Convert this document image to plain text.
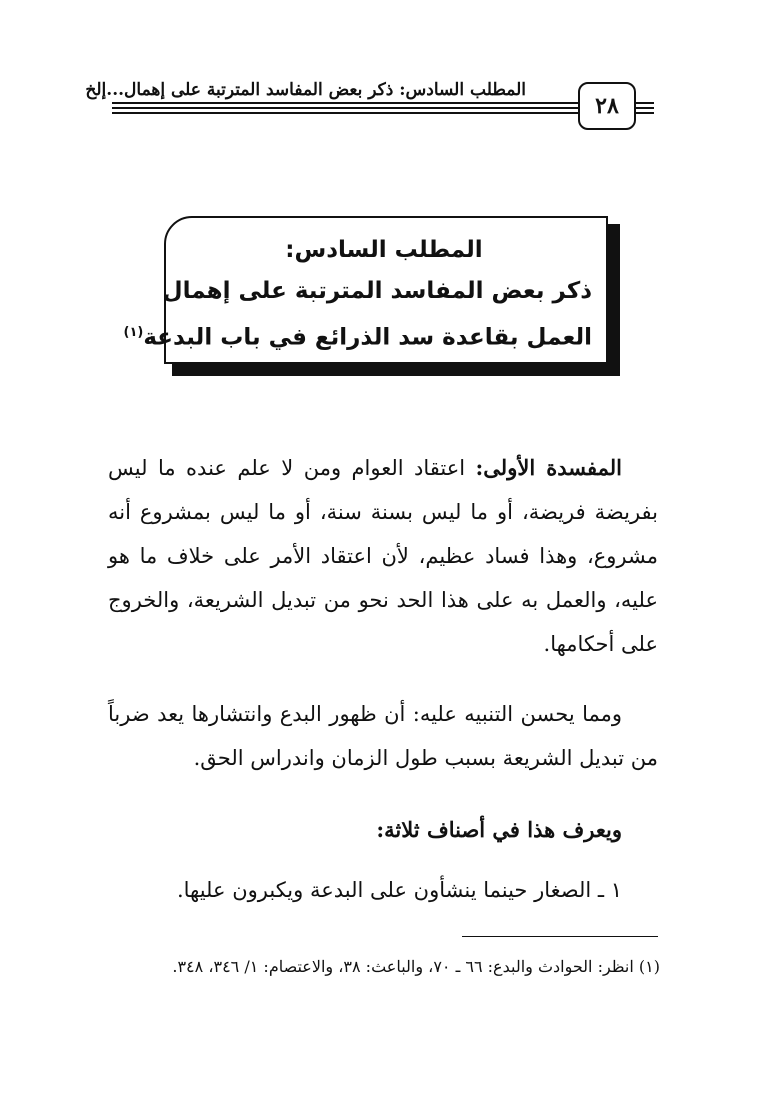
المطلب السادس: ذكر بعض المفاسد المترتبة على إهمال...إلخ
٢٨
المطلب السادس:
ذكر بعض المفاسد المترتبة على إهمال
العمل بقاعدة سد الذرائع في باب البدعة$^{(١)}$

المفسدة الأولى: اعتقاد العوام ومن لا علم عنده ما ليس بفريضة فريضة، أو ما ليس بسنة سنة، أو ما ليس بمشروع أنه مشروع، وهذا فساد عظيم، لأن اعتقاد الأمر على خلاف ما هو عليه، والعمل به على هذا الحد نحو من تبديل الشريعة، والخروج على أحكامها.

ومما يحسن التنبيه عليه: أن ظهور البدع وانتشارها يعد ضرباً من تبديل الشريعة بسبب طول الزمان واندراس الحق.

ويعرف هذا في أصناف ثلاثة:

١ ـ الصغار حينما ينشأون على البدعة ويكبرون عليها.

(١) انظر: الحوادث والبدع: ٦٦ ـ ٧٠، والباعث: ٣٨، والاعتصام: ١/ ٣٤٦، ٣٤٨.
